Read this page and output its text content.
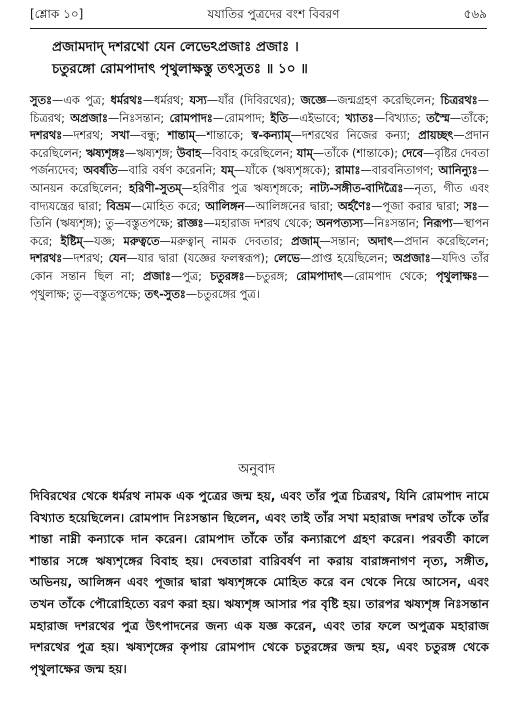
[শ্লোক ১০]	যযাতির পুত্রদের বংশ বিবরণ	৫৬৯
প্রজামদাদ্ দশরথো যেন লেভেঽপ্রজাঃ প্রজাঃ ।
চতুরঙ্গো রোমপাদাৎ পৃথুলাক্ষস্তু তৎসুতঃ ॥ ১০ ॥
সুতঃ—এক পুত্র; ধর্মরথঃ—ধর্মরথ; যস্য—যাঁর (দিবিরথের); জজ্ঞে—জন্মগ্রহণ করেছিলেন; চিত্ররথঃ—চিত্ররথ; অপ্রজাঃ—নিঃসন্তান; রোমপাদঃ—রোমপাদ; ইতি—এইভাবে; খ্যাতঃ—বিখ্যাত; তস্মৈ—তাঁকে; দশরথঃ—দশরথ; সখা—বন্ধু; শান্তাম্—শান্তাকে; স্ব-কন্যাম্—দশরথের নিজের কন্যা; প্রায়চ্ছৎ—প্রদান করেছিলেন; ঋষ্যশৃঙ্গঃ—ঋষ্যশৃঙ্গ; উবাহ—বিবাহ করেছিলেন; যাম্—তাঁকে (শান্তাকে); দেবে—বৃষ্টির দেবতা পর্জন্যদেব; অবর্ষতি—বারি বর্ষণ করেননি; যম্—যাঁকে (ঋষ্যশৃঙ্গকে); রামাঃ—বারবনিতাগণ; আনিন্যুঃ—আনয়ন করেছিলেন; হরিণী-সুতম্—হরিণীর পুত্র ঋষ্যশৃঙ্গকে; নাট্য-সঙ্গীত-বাদিত্রৈঃ—নৃত্য, গীত এবং বাদ্যযন্ত্রের দ্বারা; বিভ্রম—মোহিত করে; আলিঙ্গন—আলিঙ্গনের দ্বারা; অর্হণৈঃ—পূজা করার দ্বারা; সঃ—তিনি (ঋষ্যশৃঙ্গ); তু—বস্তুতপক্ষে; রাজ্ঞঃ—মহারাজ দশরথ থেকে; অনপত্যস্য—নিঃসন্তান; নিরূপ্য—স্থাপন করে; ইষ্টিম্—যজ্ঞ; মরুত্বতে—মরুত্বান্ নামক দেবতার; প্রজাম্—সন্তান; অদাৎ—প্রদান করেছিলেন; দশরথঃ—দশরথ; যেন—যার দ্বারা (যজ্ঞের ফলস্বরূপ); লেভে—প্রাপ্ত হয়েছিলেন; অপ্রজাঃ—যদিও তাঁর কোন সন্তান ছিল না; প্রজাঃ—পুত্র; চতুরঙ্গঃ—চতুরঙ্গ; রোমপাদাৎ—রোমপাদ থেকে; পৃথুলাক্ষঃ—পৃথুলাক্ষ; তু—বস্তুতপক্ষে; তৎ-সুতঃ—চতুরঙ্গের পুত্র।
অনুবাদ
দিবিরথের থেকে ধর্মরথ নামক এক পুত্রের জন্ম হয়, এবং তাঁর পুত্র চিত্ররথ, যিনি রোমপাদ নামে বিখ্যাত হয়েছিলেন। রোমপাদ নিঃসন্তান ছিলেন, এবং তাই তাঁর সখা মহারাজ দশরথ তাঁকে তাঁর শান্তা নাম্নী কন্যাকে দান করেন। রোমপাদ তাঁকে তাঁর কন্যারূপে গ্রহণ করেন। পরবর্তী কালে শান্তার সঙ্গে ঋষ্যশৃঙ্গের বিবাহ হয়। দেবতারা বারিবর্ষণ না করায় বারাঙ্গনাগণ নৃত্য, সঙ্গীত, অভিনয়, আলিঙ্গন এবং পূজার দ্বারা ঋষ্যশৃঙ্গকে মোহিত করে বন থেকে নিয়ে আসেন, এবং তখন তাঁকে পৌরোহিত্যে বরণ করা হয়। ঋষ্যশৃঙ্গ আসার পর বৃষ্টি হয়। তারপর ঋষ্যশৃঙ্গ নিঃসন্তান মহারাজ দশরথের পুত্র উৎপাদনের জন্য এক যজ্ঞ করেন, এবং তার ফলে অপুত্রক মহারাজ দশরথের পুত্র হয়। ঋষ্যশৃঙ্গের কৃপায় রোমপাদ থেকে চতুরঙ্গের জন্ম হয়, এবং চতুরঙ্গ থেকে পৃথুলাক্ষের জন্ম হয়।
